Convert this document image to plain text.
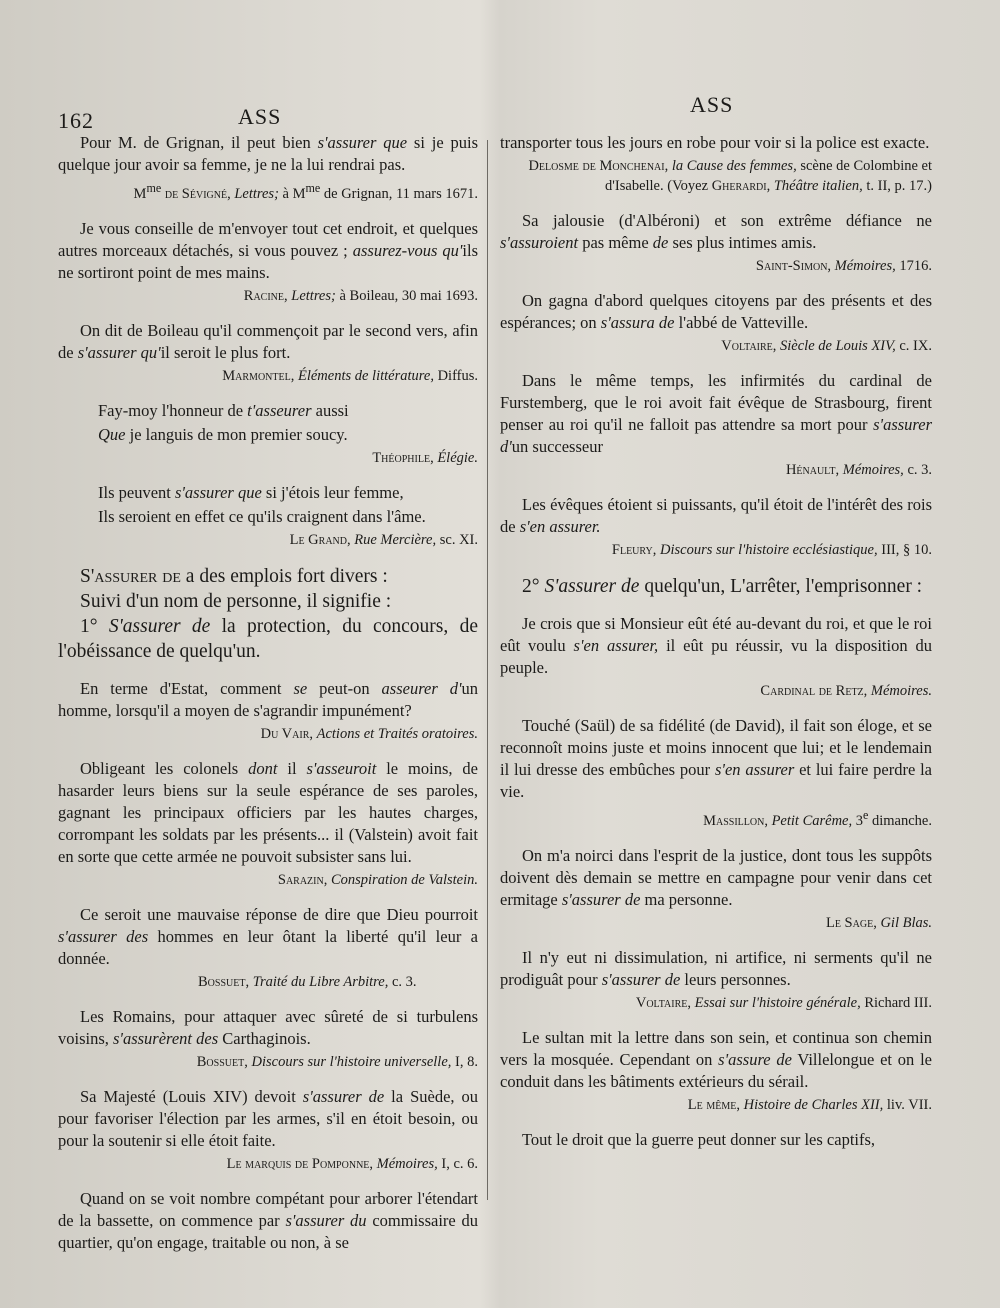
162	ASS	ASS

Pour M. de Grignan, il peut bien s'assurer que si je puis quelque jour avoir sa femme, je ne la lui rendrai pas.

$M^{me}$ de Sévigné, Lettres; à $M^{me}$ de Grignan, 11 mars 1671.

Je vous conseille de m'envoyer tout cet endroit, et quelques autres morceaux détachés, si vous pouvez ; assurez-vous qu'ils ne sortiront point de mes mains.

Racine, Lettres; à Boileau, 30 mai 1693.

On dit de Boileau qu'il commençoit par le second vers, afin de s'assurer qu'il seroit le plus fort.

Marmontel, Éléments de littérature, Diffus.

Fay-moy l'honneur de t'asseurer aussi

Que je languis de mon premier soucy.

Théophile, Élégie.

Ils peuvent s'assurer que si j'étois leur femme,

Ils seroient en effet ce qu'ils craignent dans l'âme.

Le Grand, Rue Mercière, sc. XI.

S'assurer de a des emplois fort divers :
Suivi d'un nom de personne, il signifie :
1° S'assurer de la protection, du concours, de l'obéissance de quelqu'un.

En terme d'Estat, comment se peut-on asseurer d'un homme, lorsqu'il a moyen de s'agrandir impunément?

Du Vair, Actions et Traités oratoires.

Obligeant les colonels dont il s'asseuroit le moins, de hasarder leurs biens sur la seule espérance de ses paroles, gagnant les principaux officiers par les hautes charges, corrompant les soldats par les présents... il (Valstein) avoit fait en sorte que cette armée ne pouvoit subsister sans lui.

Sarazin, Conspiration de Valstein.

Ce seroit une mauvaise réponse de dire que Dieu pourroit s'assurer des hommes en leur ôtant la liberté qu'il leur a donnée.

Bossuet, Traité du Libre Arbitre, c. 3.

Les Romains, pour attaquer avec sûreté de si turbulens voisins, s'assurèrent des Carthaginois.

Bossuet, Discours sur l'histoire universelle, I, 8.

Sa Majesté (Louis XIV) devoit s'assurer de la Suède, ou pour favoriser l'élection par les armes, s'il en étoit besoin, ou pour la soutenir si elle étoit faite.

Le marquis de Pomponne, Mémoires, I, c. 6.

Quand on se voit nombre compétant pour arborer l'étendart de la bassette, on commence par s'assurer du commissaire du quartier, qu'on engage, traitable ou non, à se

transporter tous les jours en robe pour voir si la police est exacte.

Delosme de Monchenai, la Cause des femmes, scène de Colombine et d'Isabelle. (Voyez Gherardi, Théâtre italien, t. II, p. 17.)

Sa jalousie (d'Albéroni) et son extrême défiance ne s'assuroient pas même de ses plus intimes amis.

Saint-Simon, Mémoires, 1716.

On gagna d'abord quelques citoyens par des présents et des espérances; on s'assura de l'abbé de Vatteville.

Voltaire, Siècle de Louis XIV, c. IX.

Dans le même temps, les infirmités du cardinal de Furstemberg, que le roi avoit fait évêque de Strasbourg, firent penser au roi qu'il ne falloit pas attendre sa mort pour s'assurer d'un successeur

Hénault, Mémoires, c. 3.

Les évêques étoient si puissants, qu'il étoit de l'intérêt des rois de s'en assurer.

Fleury, Discours sur l'histoire ecclésiastique, III, § 10.

2° S'assurer de quelqu'un, L'arrêter, l'emprisonner :

Je crois que si Monsieur eût été au-devant du roi, et que le roi eût voulu s'en assurer, il eût pu réussir, vu la disposition du peuple.

Cardinal de Retz, Mémoires.

Touché (Saül) de sa fidélité (de David), il fait son éloge, et se reconnoît moins juste et moins innocent que lui; et le lendemain il lui dresse des embûches pour s'en assurer et lui faire perdre la vie.

Massillon, Petit Carême, 3e dimanche.

On m'a noirci dans l'esprit de la justice, dont tous les suppôts doivent dès demain se mettre en campagne pour venir dans cet ermitage s'assurer de ma personne.

Le Sage, Gil Blas.

Il n'y eut ni dissimulation, ni artifice, ni serments qu'il ne prodiguât pour s'assurer de leurs personnes.

Voltaire, Essai sur l'histoire générale, Richard III.

Le sultan mit la lettre dans son sein, et continua son chemin vers la mosquée. Cependant on s'assure de Villelongue et on le conduit dans les bâtiments extérieurs du sérail.

Le même, Histoire de Charles XII, liv. VII.

Tout le droit que la guerre peut donner sur les captifs,
